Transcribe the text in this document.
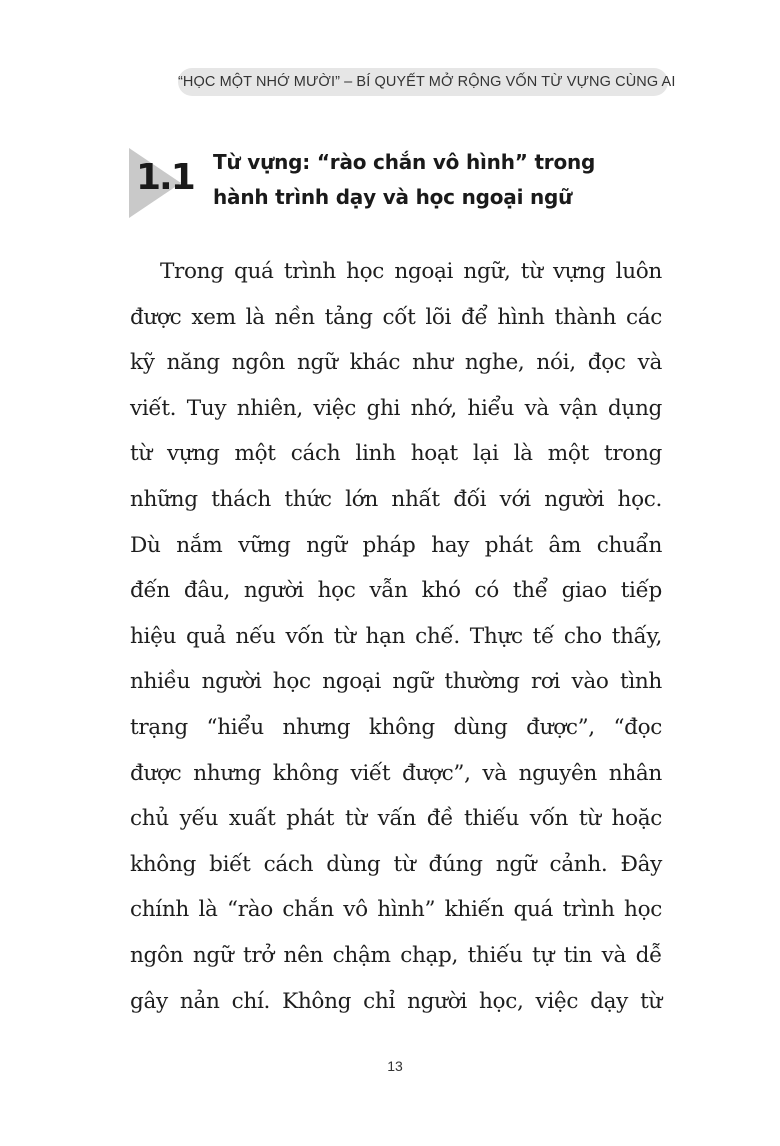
“HỌC MỘT NHỚ MƯỜI” – BÍ QUYẾT MỞ RỘNG VỐN TỪ VỰNG CÙNG AI
1.1 Từ vựng: “rào chắn vô hình” trong
hành trình dạy và học ngoại ngữ
Trong quá trình học ngoại ngữ, từ vựng luôn
được xem là nền tảng cốt lõi để hình thành các
kỹ năng ngôn ngữ khác như nghe, nói, đọc và
viết. Tuy nhiên, việc ghi nhớ, hiểu và vận dụng
từ vựng một cách linh hoạt lại là một trong
những thách thức lớn nhất đối với người học.
Dù nắm vững ngữ pháp hay phát âm chuẩn
đến đâu, người học vẫn khó có thể giao tiếp
hiệu quả nếu vốn từ hạn chế. Thực tế cho thấy,
nhiều người học ngoại ngữ thường rơi vào tình
trạng “hiểu nhưng không dùng được”, “đọc
được nhưng không viết được”, và nguyên nhân
chủ yếu xuất phát từ vấn đề thiếu vốn từ hoặc
không biết cách dùng từ đúng ngữ cảnh. Đây
chính là “rào chắn vô hình” khiến quá trình học
ngôn ngữ trở nên chậm chạp, thiếu tự tin và dễ
gây nản chí. Không chỉ người học, việc dạy từ
13
